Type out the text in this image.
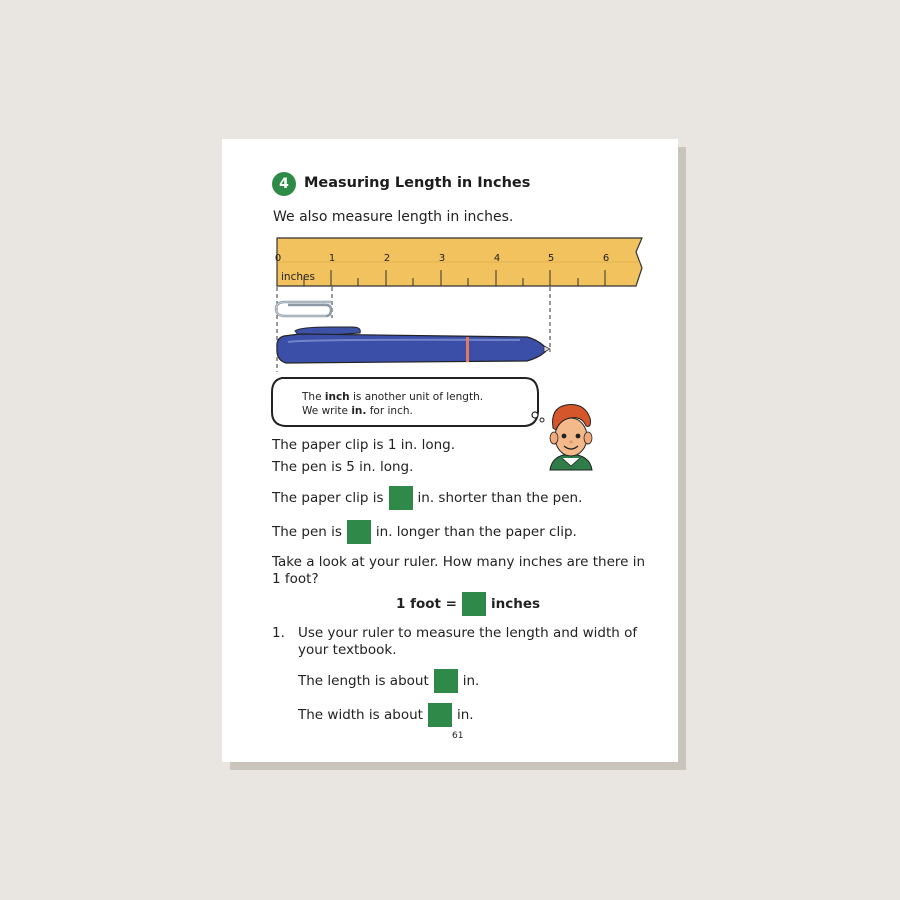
4	Measuring Length in Inches
We also measure length in inches.
0	1	2	3	4	5	6
inches
The inch is another unit of length.
We write in. for inch.
The paper clip is 1 in. long.
The pen is 5 in. long.
The paper clip is	in. shorter than the pen.
The pen is	in. longer than the paper clip.
Take a look at your ruler. How many inches are there in
1 foot?
1 foot =	inches
1. Use your ruler to measure the length and width of
your textbook.
The length is about	in.
The width is about	in.
61
